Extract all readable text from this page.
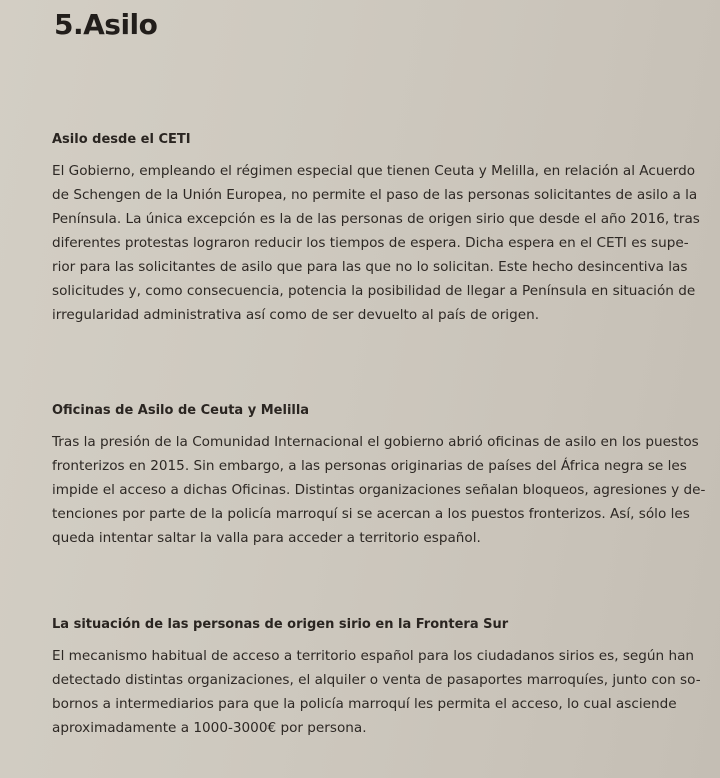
5.Asilo
Asilo desde el CETI
El Gobierno, empleando el régimen especial que tienen Ceuta y Melilla, en relación al Acuerdo
de Schengen de la Unión Europea, no permite el paso de las personas solicitantes de asilo a la
Península. La única excepción es la de las personas de origen sirio que desde el año 2016, tras
diferentes protestas lograron reducir los tiempos de espera. Dicha espera en el CETI es supe-
rior para las solicitantes de asilo que para las que no lo solicitan. Este hecho desincentiva las
solicitudes y, como consecuencia, potencia la posibilidad de llegar a Península en situación de
irregularidad administrativa así como de ser devuelto al país de origen.
Oficinas de Asilo de Ceuta y Melilla
Tras la presión de la Comunidad Internacional el gobierno abrió oficinas de asilo en los puestos
fronterizos en 2015. Sin embargo, a las personas originarias de países del África negra se les
impide el acceso a dichas Oficinas. Distintas organizaciones señalan bloqueos, agresiones y de-
tenciones por parte de la policía marroquí si se acercan a los puestos fronterizos. Así, sólo les
queda intentar saltar la valla para acceder a territorio español.
La situación de las personas de origen sirio en la Frontera Sur
El mecanismo habitual de acceso a territorio español para los ciudadanos sirios es, según han
detectado distintas organizaciones, el alquiler o venta de pasaportes marroquíes, junto con so-
bornos a intermediarios para que la policía marroquí les permita el acceso, lo cual asciende
aproximadamente a 1000-3000€ por persona.
